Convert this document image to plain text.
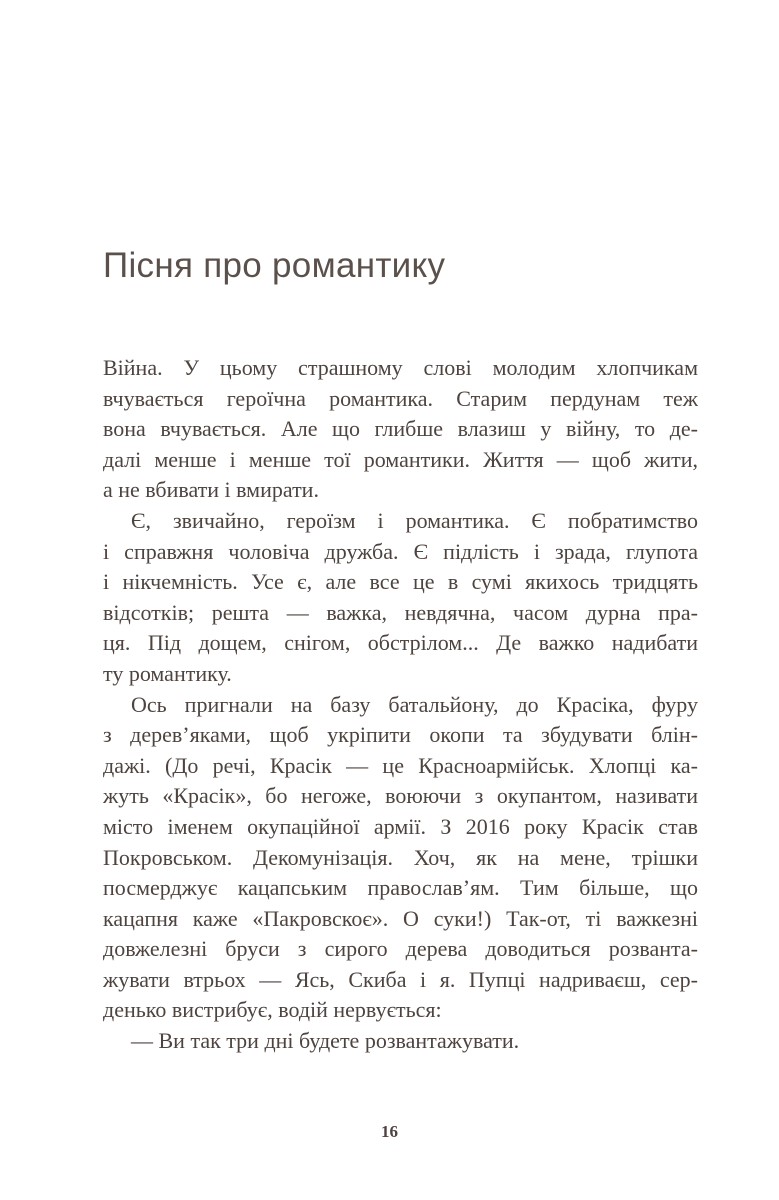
Пісня про романтику
Війна. У цьому страшному слові молодим хлопчикам
вчувається героїчна романтика. Старим пердунам теж
вона вчувається. Але що глибше влазиш у війну, то де-
далі менше і менше тої романтики. Життя — щоб жити,
а не вбивати і вмирати.
Є, звичайно, героїзм і романтика. Є побратимство
і справжня чоловіча дружба. Є підлість і зрада, глупота
і нікчемність. Усе є, але все це в сумі якихось тридцять
відсотків; решта — важка, невдячна, часом дурна пра-
ця. Під дощем, снігом, обстрілом... Де важко надибати
ту романтику.
Ось пригнали на базу батальйону, до Красіка, фуру
з дерев’яками, щоб укріпити окопи та збудувати блін-
дажі. (До речі, Красік — це Красноармійськ. Хлопці ка-
жуть «Красік», бо негоже, воюючи з окупантом, називати
місто іменем окупаційної армії. З 2016 року Красік став
Покровськом. Декомунізація. Хоч, як на мене, трішки
посмерджує кацапським православ’ям. Тим більше, що
кацапня каже «Пакровскоє». О суки!) Так-от, ті важкезні
довжелезні бруси з сирого дерева доводиться розванта-
жувати втрьох — Ясь, Скиба і я. Пупці надриваєш, сер-
денько вистрибує, водій нервується:
— Ви так три дні будете розвантажувати.
16
